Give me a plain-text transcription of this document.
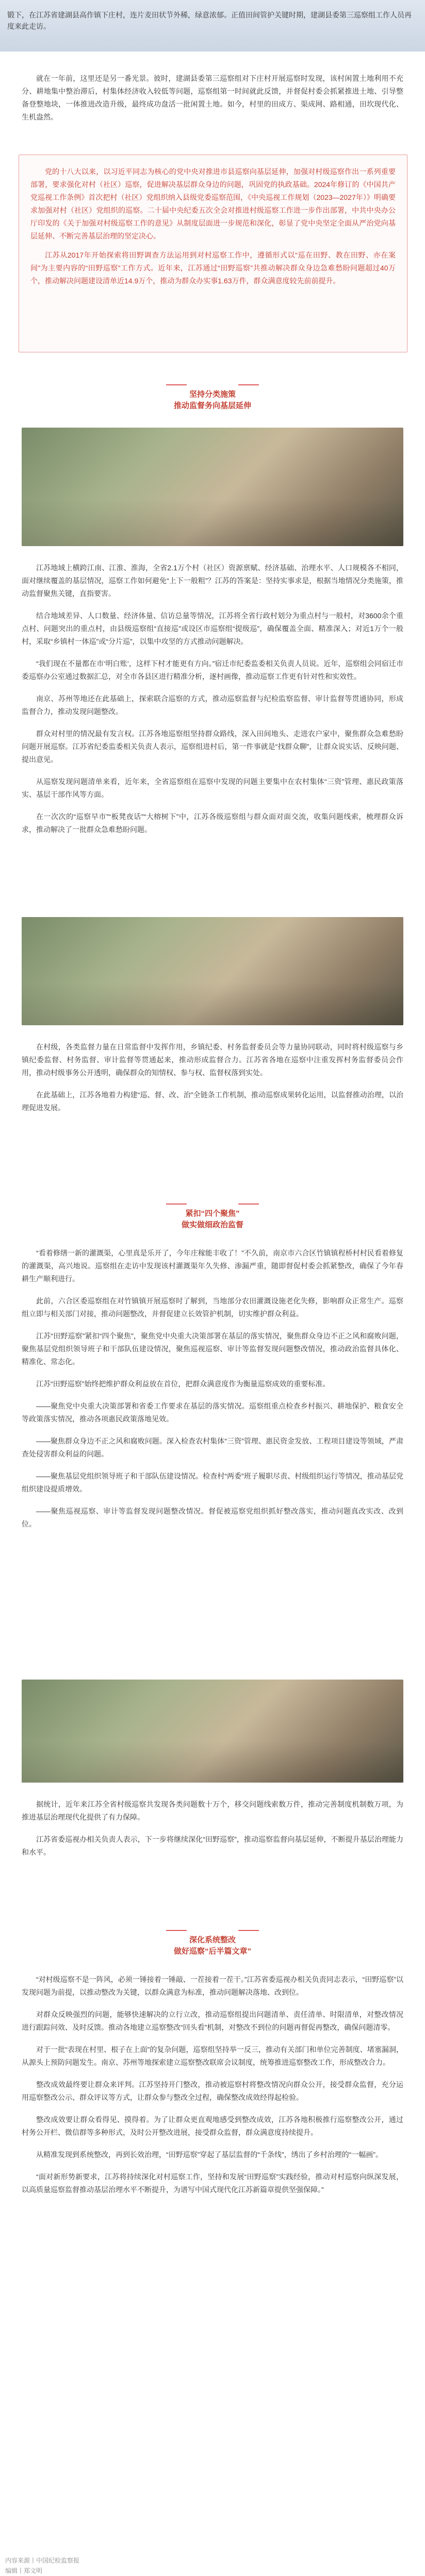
锻下，在江苏省建湖县高作镇下庄村，连片麦田状节外稀，绿意浓郁。正值田间管护关键时期，建湖县委第三巡察组工作人员再度来此走访。

就在一年前，这里还是另一番光景。彼时，建湖县委第三巡察组对下庄村开展巡察时发现，该村闲置土地利用不充分、耕地集中整治滞后，村集体经济收入较低等问题，巡察组第一时间就此反馈，并督促村委会抓紧推进土地、引导整备登整地块，一体推进改造升级，最终成功盘活一批闲置土地。如今，村里的田成方、渠成网、路相通，田坎现代化、生机盎然。

党的十八大以来，以习近平同志为核心的党中央对推进市县巡察向基层延伸，加强对村级巡察作出一系列重要部署，要求强化对村（社区）巡察，促进解决基层群众身边的问题，巩固党的执政基础。2024年修订的《中国共产党巡视工作条例》首次把村（社区）党组织纳入县级党委巡察范围，《中央巡视工作规划（2023—2027年）》明确要求加强对村（社区）党组织的巡察。二十届中央纪委五次全会对推进村级巡察工作进一步作出部署，中共中央办公厅印发的《关于加强对村级巡察工作的意见》从制度层面进一步规范和深化，彰显了党中央坚定全面从严治党向基层延伸、不断完善基层治理的坚定决心。

江苏从2017年开始探索将田野调查方法运用到对村巡察工作中，遵循形式以“巡在田野、教在田野、亦在案间”为主要内容的“田野巡察”工作方式。近年来，江苏通过“田野巡察”共推动解决群众身边急难愁盼问题超过40万个，推动解决问题建设清单近14.9万个，推动为群众办实事1.63万件，群众满意度较先前前提升。

坚持分类施策
推动监督务向基层延伸

江苏地域上横跨江南、江淮、淮海，全省2.1万个村（社区）资源禀赋、经济基础、治理水平、人口规模各不相同，面对继续覆盖的基层情况，巡察工作如何避免“上下一般粗”？江苏的答案是：坚持实事求是，根据当地情况分类施策，推动监督聚焦关键，直指要害。

结合地域差异、人口数量、经济体量、信访总量等情况，江苏将全省行政村划分为重点村与一般村，对3600余个重点村、问题突出的重点村，由县级巡察组“直接巡”或设区市巡察组“提级巡”，确保覆盖全面、精准深入；对近1万个一般村，采取“乡镇村一体巡”或“分片巡”，以集中攻坚的方式推动问题解决。

“我们现在不量都在市‘明白账’，这样下村才能更有方向。”宿迁市纪委监委相关负责人员说。近年，巡察组会同宿迁市委巡察办公室通过数据汇总，对全市各县区进行精准分析，逐村画像，推动巡察工作更有针对性和实效性。

南京、苏州等地还在此基础上，探索联合巡察的方式，推动巡察监督与纪检监察监督、审计监督等贯通协同，形成监督合力，推动发现问题整改。

群众对村里的情况最有发言权。江苏各地巡察组坚持群众路线，深入田间地头、走进农户家中，聚焦群众急难愁盼问题开展巡察。江苏省纪委监委相关负责人表示，巡察组进村后，第一件事就是“找群众聊”，让群众说实话、反映问题、提出意见。

从巡察发现问题清单来看，近年来，全省巡察组在巡察中发现的问题主要集中在农村集体“三资”管理、惠民政策落实、基层干部作风等方面。

在一次次的“巡察早市”“板凳夜话”“大榕树下”中，江苏各级巡察组与群众面对面交流，收集问题线索，梳理群众诉求，推动解决了一批群众急难愁盼问题。

在村级，各类监督力量在日常监督中发挥作用，乡镇纪委、村务监督委员会等力量协同联动，同时将村级巡察与乡镇纪委监督、村务监督、审计监督等贯通起来，推动形成监督合力。江苏省各地在巡察中注重发挥村务监督委员会作用，推动村级事务公开透明，确保群众的知情权、参与权、监督权落到实处。

在此基础上，江苏各地着力构建“巡、督、改、治”全链条工作机制，推动巡察成果转化运用，以监督推动治理，以治理促进发展。

紧扣“四个聚焦”
做实做细政治监督

“看着修缮一新的灌溉渠，心里真是乐开了，今年庄稼能丰收了！”不久前，南京市六合区竹镇镇程桥村村民看着修复的灌溉渠，高兴地说。巡察组在走访中发现该村灌溉渠年久失修、渗漏严重，随即督促村委会抓紧整改，确保了今年春耕生产顺利进行。

此前，六合区委巡察组在对竹镇镇开展巡察时了解到，当地部分农田灌溉设施老化失修，影响群众正常生产。巡察组立即与相关部门对接，推动问题整改，并督促建立长效管护机制，切实维护群众利益。

江苏“田野巡察”紧扣“四个聚焦”，聚焦党中央重大决策部署在基层的落实情况，聚焦群众身边不正之风和腐败问题，聚焦基层党组织领导班子和干部队伍建设情况，聚焦巡视巡察、审计等监督发现问题整改情况，推动政治监督具体化、精准化、常态化。

江苏“田野巡察”始终把维护群众利益放在首位，把群众满意度作为衡量巡察成效的重要标准。

——聚焦党中央重大决策部署和省委工作要求在基层的落实情况。巡察组重点检查乡村振兴、耕地保护、粮食安全等政策落实情况，推动各项惠民政策落地见效。

——聚焦群众身边不正之风和腐败问题。深入检查农村集体“三资”管理、惠民资金发放、工程项目建设等领域，严肃查处侵害群众利益的问题。

——聚焦基层党组织领导班子和干部队伍建设情况。检查村“两委”班子履职尽责、村级组织运行等情况，推动基层党组织建设提质增效。

——聚焦巡视巡察、审计等监督发现问题整改情况。督促被巡察党组织抓好整改落实，推动问题真改实改、改到位。

据统计，近年来江苏全省村级巡察共发现各类问题数十万个，移交问题线索数万件，推动完善制度机制数万项，为推进基层治理现代化提供了有力保障。

江苏省委巡视办相关负责人表示，下一步将继续深化“田野巡察”，推动巡察监督向基层延伸，不断提升基层治理能力和水平。

深化系统整改
做好巡察“后半篇文章”

“对村级巡察不是一阵风，必须一锤接着一锤敲、一茬接着一茬干。”江苏省委巡视办相关负责同志表示，“田野巡察”以发现问题为前提，以推动整改为关键，以群众满意为标准，推动问题解决落地、改到位。

对群众反映强烈的问题，能够快速解决的立行立改，推动巡察组提出问题清单、责任清单、时限清单，对整改情况进行跟踪问效、及时反馈。推动各地建立巡察整改“回头看”机制，对整改不到位的问题再督促再整改，确保问题清零。

对于一批“表现在村里、根子在上面”的复杂问题，巡察组坚持举一反三，推动有关部门和单位完善制度、堵塞漏洞，从源头上预防问题发生。南京、苏州等地探索建立巡察整改联席会议制度，统筹推进巡察整改工作，形成整改合力。

整改成效最终要让群众来评判。江苏坚持开门整改，推动被巡察村将整改情况向群众公开，接受群众监督，充分运用巡察整改公示、群众评议等方式，让群众参与整改全过程，确保整改成效经得起检验。

整改成效要让群众看得见、摸得着。为了让群众更直观地感受到整改成效，江苏各地积极推行巡察整改公开，通过村务公开栏、微信群等多种形式，及时公开整改进展，接受群众监督，群众满意度持续提升。

从精准发现到系统整改，再到长效治理，“田野巡察”穿起了基层监督的“千条线”，绣出了乡村治理的“一幅画”。

“面对新形势新要求，江苏将持续深化对村巡察工作，坚持和发展“田野巡察”实践经验，推动对村巡察向纵深发展，以高质量巡察监督推动基层治理水平不断提升，为谱写中国式现代化江苏新篇章提供坚强保障。”

内容来源丨中国纪检监察报
编辑丨郑文明
